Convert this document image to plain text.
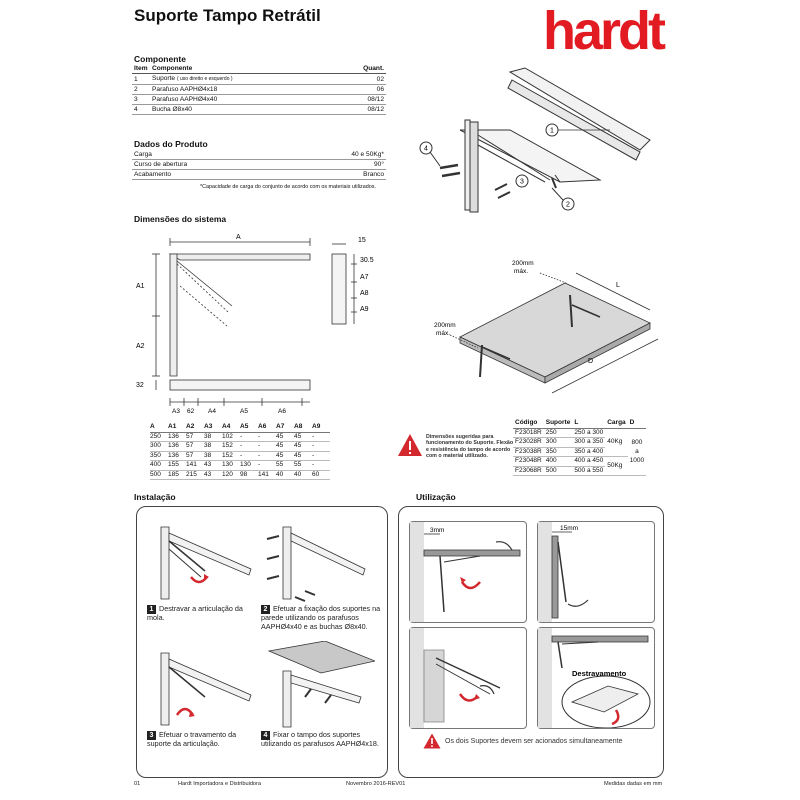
Suporte Tampo Retrátil	hardt
Componente
Item	Componente	Quant.
1	Suporte ( uso direito e esquerdo )	02
2	Parafuso AAPHØ4x18	06
3	Parafuso AAPHØ4x40	08/12
4	Bucha Ø8x40	08/12
Dados do Produto
Carga	40 e 50Kg*
Curso de abertura	90°
Acabamento	Branco
*Capacidade de carga do conjunto de acordo com os materiais utilizados.
1
2
3
4
Dimensões do sistema
A
A1
A2
32
15
30.5
A7
A8
A9
A3 62 A4	A5	A6
A	A1	A2	A3	A4	A5	A6	A7	A8	A9
250	136	57	38	102	-	-	45	45	-
300	136	57	38	152	-	-	45	45	-
350	136	57	38	152	-	-	45	45	-
400	155	141	43	130	130	-	55	55	-
500	185	215	43	120	98	141	40	40	60
200mm
máx.
L
200mm
máx.
D
Dimensões sugeridas para funcionamento do Suporte. Flexão e resistência do tampo de acordo com o material utilizado.
Código	Suporte	L	Carga	D
F23018R	250	250 a 300	40Kg	800
a
1000
F23028R	300	300 a 350		
F23038R	350	350 a 400		
F23048R	400	400 a 450	50Kg	
F23068R	500	500 a 550		
Instalação
1 Destravar a articulação da mola.
2 Efetuar a fixação dos suportes na parede utilizando os parafusos AAPHØ4x40 e as buchas Ø8x40.
3 Efetuar o travamento da suporte da articulação.
4 Fixar o tampo dos suportes utilizando os parafusos AAPHØ4x18.
Utilização
3mm	15mm
Destravamento
Os dois Suportes devem ser acionados simultaneamente
01	Hardt Importadora e Distribuidora	Novembro 2016-REV01	Medidas dadas em mm
